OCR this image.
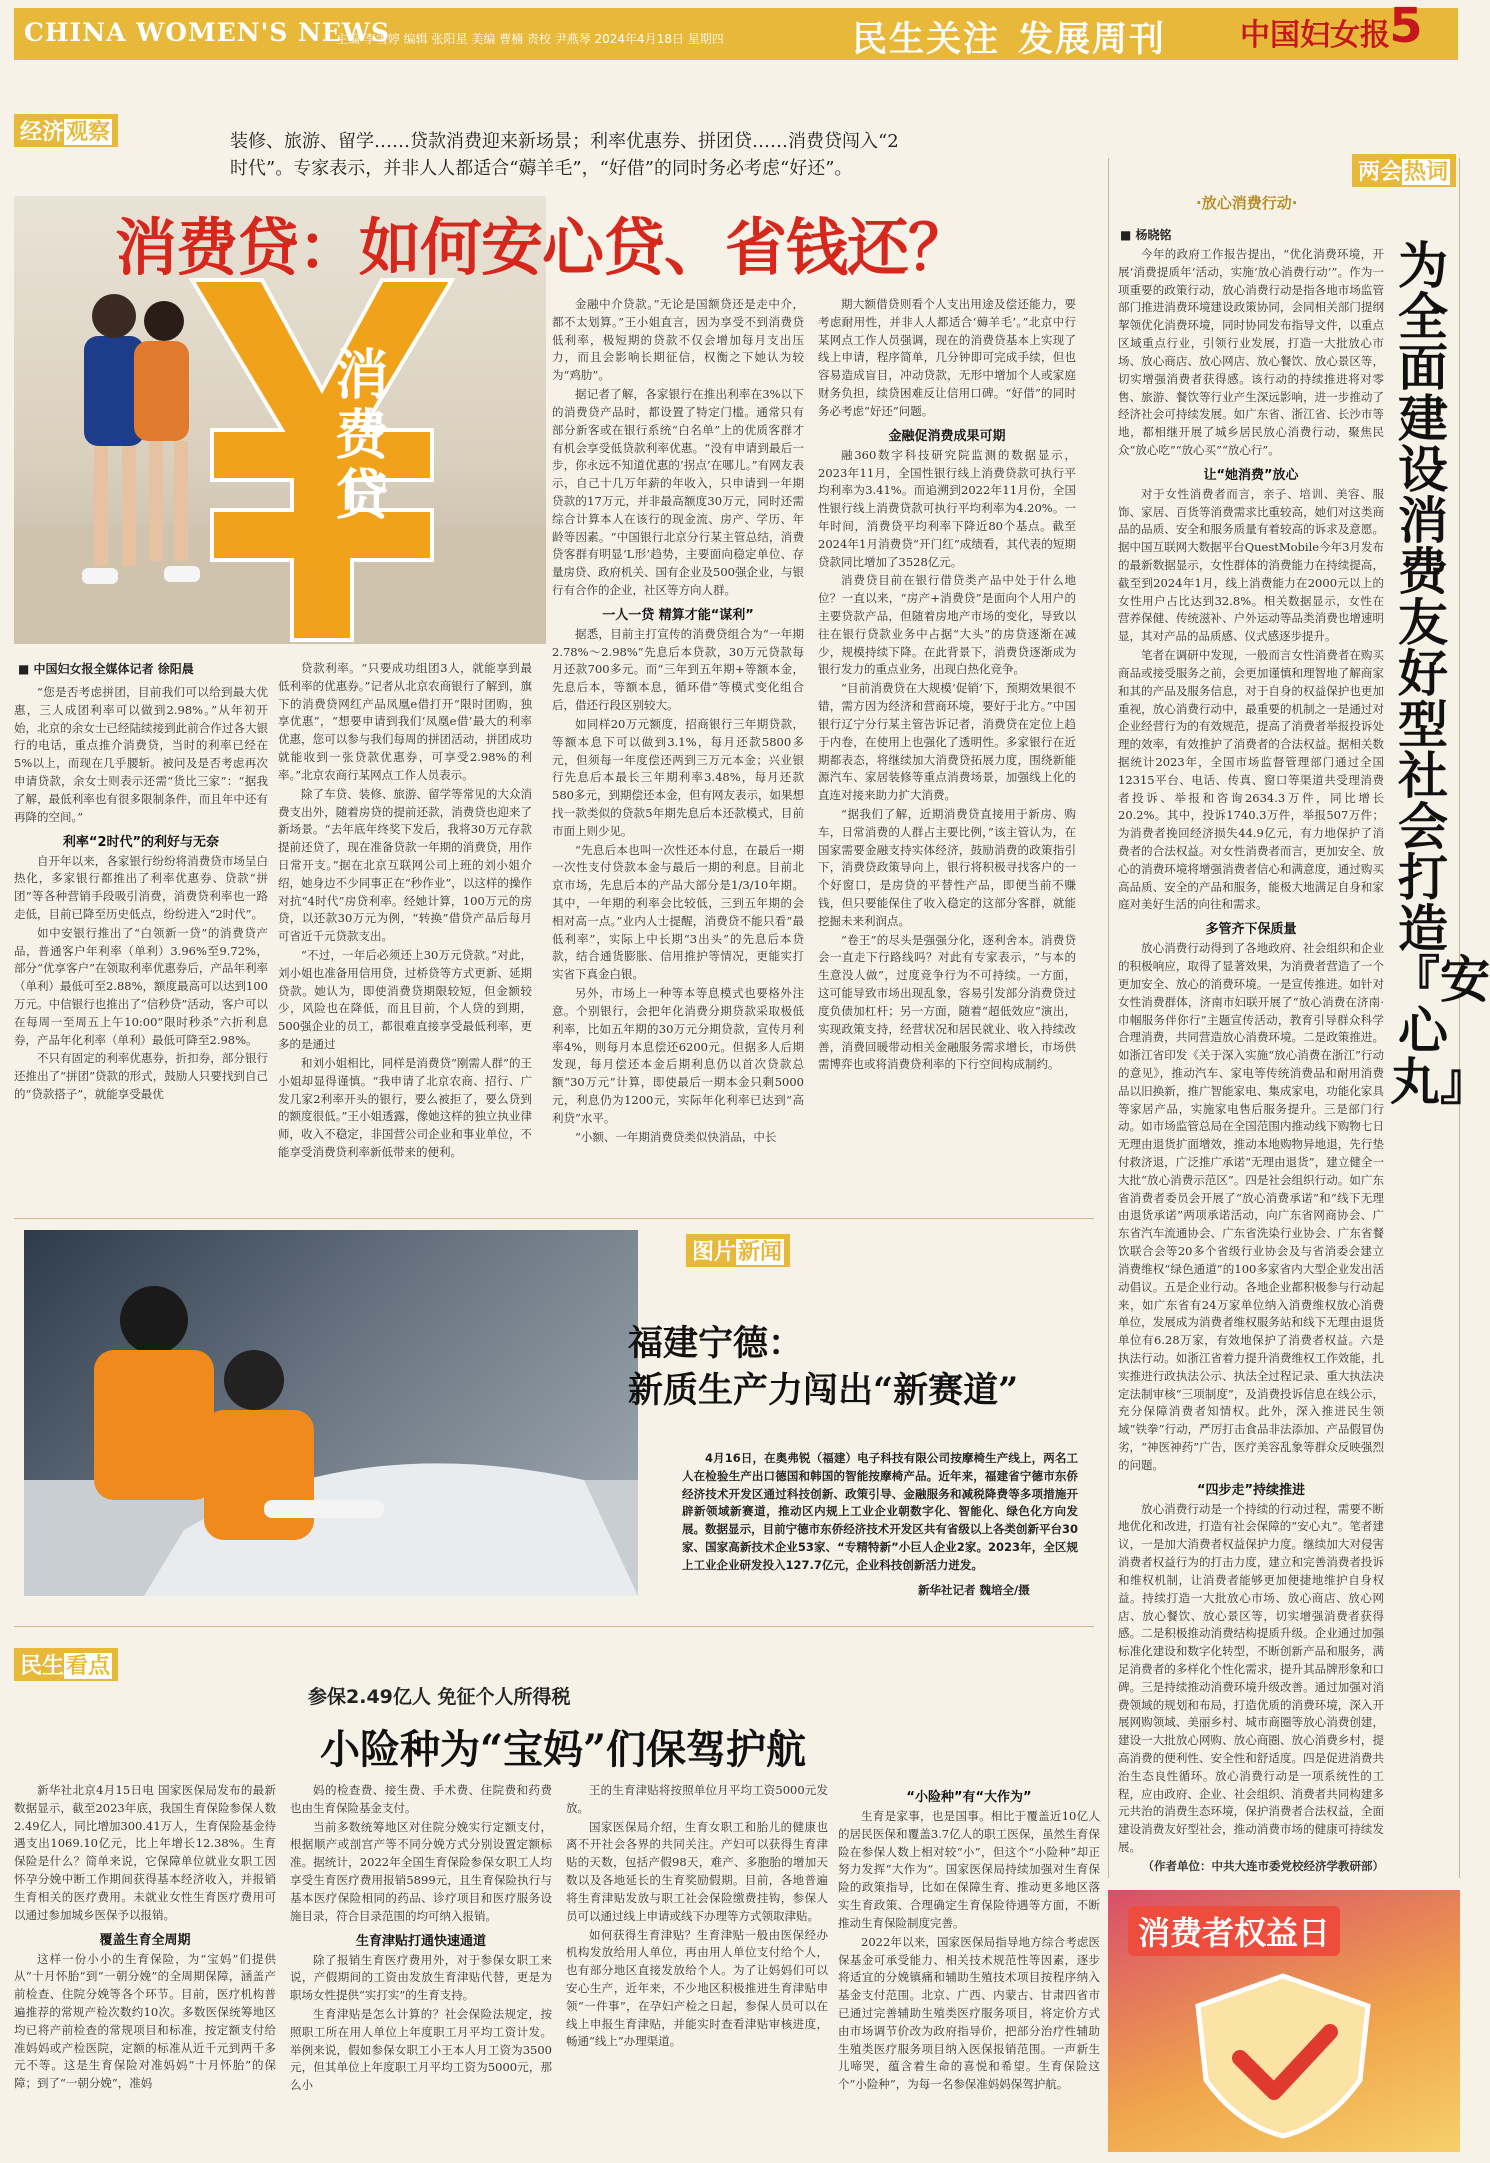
CHINA WOMEN'S NEWS
主编 李雪婷 编辑 张阳星 美编 曹楠 责校 尹燕琴 2024年4月18日 星期四	民生关注 发展周刊 中国妇女报 5
经济观察	装修、旅游、留学……贷款消费迎来新场景；利率优惠券、拼团贷……消费贷闯入“2时代”。专家表示，并非人人都适合“薅羊毛”，“好借”的同时务必考虑“好还”。
消费贷
消费贷：如何安心贷、省钱还？
■ 中国妇女报全媒体记者 徐阳晨

“您是否考虑拼团，目前我们可以给到最大优惠，三人成团利率可以做到2.98%。”从年初开始，北京的余女士已经陆续接到此前合作过各大银行的电话，重点推介消费贷，当时的利率已经在5%以上，而现在几乎腰斩。被问及是否考虑再次申请贷款，余女士则表示还需“货比三家”：“据我了解，最低利率也有很多限制条件，而且年中还有再降的空间。”

利率“2时代”的利好与无奈

自开年以来，各家银行纷纷将消费贷市场呈白热化，多家银行都推出了利率优惠券、贷款“拼团”等各种营销手段吸引消费，消费贷利率也一路走低，目前已降至历史低点，纷纷进入“2时代”。

如中安银行推出了“白领新一贷”的消费贷产品，普通客户年利率（单利）3.96%至9.72%，部分“优享客户”在领取利率优惠券后，产品年利率（单利）最低可至2.88%，额度最高可以达到100万元。中信银行也推出了“信秒贷”活动，客户可以在每周一至周五上午10:00“限时秒杀”六折利息券，产品年化利率（单利）最低可降至2.98%。

不只有固定的利率优惠券，折扣券，部分银行还推出了“拼团”贷款的形式，鼓励人只要找到自己的“贷款搭子”，就能享受最优

贷款利率。“只要成功组团3人，就能享到最低利率的优惠券。”记者从北京农商银行了解到，旗下的消费贷网红产品凤凰e借打开“限时团购，独享优惠”，“想要申请到我们‘凤凰e借’最大的利率优惠，您可以参与我们每周的拼团活动，拼团成功就能收到一张贷款优惠券，可享受2.98%的利率。”北京农商行某网点工作人员表示。

除了车贷、装修、旅游、留学等常见的大众消费支出外，随着房贷的提前还款，消费贷也迎来了新场景。“去年底年终奖下发后，我将30万元存款提前还贷了，现在准备贷款一年期的消费贷，用作日常开支。”据在北京互联网公司上班的刘小姐介绍，她身边不少同事正在“秒作业”，以这样的操作对抗“4时代”房贷利率。经她计算，100万元的房贷，以还款30万元为例，“转换”借贷产品后每月可省近千元贷款支出。

“不过，一年后必须还上30万元贷款。”对此，刘小姐也准备用信用贷，过桥贷等方式更新、延期贷款。她认为，即使消费贷期限较短，但金额较少，风险也在降低，而且目前，个人贷的到期，500强企业的员工，都很难直接享受最低利率，更多的是通过

和刘小姐相比，同样是消费贷“刚需人群”的王小姐却显得谨慎。“我申请了北京农商、招行、广发几家2利率开头的银行，要么被拒了，要么贷到的额度很低。”王小姐透露，像她这样的独立执业律师，收入不稳定，非国营公司企业和事业单位，不能享受消费贷利率新低带来的便利。

金融中介贷款。”无论是国额贷还是走中介，都不太划算。”王小姐直言，因为享受不到消费贷低利率，极短期的贷款不仅会增加每月支出压力，而且会影响长期征信，权衡之下她认为较为“鸡肋”。

据记者了解，各家银行在推出利率在3%以下的消费贷产品时，都设置了特定门槛。通常只有部分新客或在银行系统“白名单”上的优质客群才有机会享受低贷款利率优惠。“没有申请到最后一步，你永远不知道优惠的‘拐点’在哪儿。”有网友表示，自己十几万年薪的年收入，只申请到一年期贷款的17万元，并非最高额度30万元，同时还需综合计算本人在该行的现金流、房产、学历、年龄等因素。“中国银行北京分行某主管总结，消费贷客群有明显‘L形’趋势，主要面向稳定单位、存量房贷、政府机关、国有企业及500强企业，与银行有合作的企业，社区等方向人群。

一人一贷 精算才能“谋利”

据悉，目前主打宣传的消费贷组合为“一年期2.78%～2.98%”先息后本贷款，30万元贷款每月还款700多元。而“三年到五年期+等额本金，先息后本，等额本息，循环借”等模式变化组合后，借还行段区别较大。

如同样20万元额度，招商银行三年期贷款，等额本息下可以做到3.1%，每月还款5800多元，但须每一年度偿还两到三万元本金；兴业银行先息后本最长三年期利率3.48%，每月还款580多元，到期偿还本金，但有网友表示，如果想找一款类似的贷款5年期先息后本还款模式，目前市面上则少见。

“先息后本也叫一次性还本付息，在最后一期一次性支付贷款本金与最后一期的利息。目前北京市场，先息后本的产品大部分是1/3/10年期。其中，一年期的利率会比较低，三到五年期的会相对高一点。”业内人士提醒，消费贷不能只看“最低利率”，实际上中长期“3出头”的先息后本贷款，结合通货膨胀、信用推护等情况，更能实打实省下真金白银。

另外，市场上一种等本等息模式也要格外注意。个别银行，会把年化消费分期贷款采取极低利率，比如五年期的30万元分期贷款，宣传月利率4%，则每月本息偿还6200元。但据多人后期发现，每月偿还本金后期利息仍以首次贷款总额“30万元”计算，即使最后一期本金只剩5000元，利息仍为1200元，实际年化利率已达到“高利贷”水平。

“小额、一年期消费贷类似快消品，中长

期大额借贷则看个人支出用途及偿还能力，要考虑耐用性，并非人人都适合‘薅羊毛’。”北京中行某网点工作人员强调，现在的消费贷基本上实现了线上申请，程序简单，几分钟即可完成手续，但也容易造成盲目，冲动贷款，无形中增加个人或家庭财务负担，续贷困难反让信用口碑。“好借”的同时务必考虑“好还”问题。

金融促消费成果可期

融360数字科技研究院监测的数据显示，2023年11月，全国性银行线上消费贷款可执行平均利率为3.41%。而追溯到2022年11月份，全国性银行线上消费贷款可执行平均利率为4.20%。一年时间，消费贷平均利率下降近80个基点。截至2024年1月消费贷“开门红”成绩看，其代表的短期贷款同比增加了3528亿元。

消费贷目前在银行借贷类产品中处于什么地位？一直以来，“房产+消费贷”是面向个人用户的主要贷款产品，但随着房地产市场的变化，导致以往在银行贷款业务中占据“大头”的房贷逐渐在减少，规模持续下降。在此背景下，消费贷逐渐成为银行发力的重点业务，出现白热化竞争。

“目前消费贷在大规模‘促销’下，预期效果很不错，需方因为经济和营商环境，要好于北方。”中国银行辽宁分行某主管告诉记者，消费贷在定位上趋于内卷，在使用上也强化了透明性。多家银行在近期都表态，将继续加大消费贷拓展力度，围绕新能源汽车、家居装修等重点消费场景，加强线上化的直连对接来助力扩大消费。

“据我们了解，近期消费贷直接用于新房、购车，日常消费的人群占主要比例，”该主管认为，在国家需要金融支持实体经济，鼓励消费的政策指引下，消费贷政策导向上，银行将积极寻找客户的一个好窗口，是房贷的平替性产品，即便当前不赚钱，但只要能保住了收入稳定的这部分客群，就能挖掘未来利润点。

“卷王”的尽头是强强分化，逐利舍本。消费贷会一直走下行路线吗？对此有专家表示，“与本的生意没人做”，过度竞争行为不可持续。一方面，这可能导致市场出现乱象，容易引发部分消费贷过度负债加杠杆；另一方面，随着“超低效应”演出，实现政策支持，经营状况和居民就业、收入持续改善，消费回暖带动相关金融服务需求增长，市场供需博弈也或将消费贷利率的下行空间构成制约。

两会热词
·放心消费行动·
■ 杨晓铭
为全面建设消费友好型社会打造『安心丸』

今年的政府工作报告提出，“优化消费环境，开展‘消费提质年’活动，实施‘放心消费行动’”。作为一项重要的政策行动，放心消费行动是指各地市场监管部门推进消费环境建设政策协同，会同相关部门提纲挈领优化消费环境，同时协同发布指导文件，以重点区域重点行业，引领行业发展，打造一大批放心市场、放心商店、放心网店、放心餐饮、放心景区等，切实增强消费者获得感。该行动的持续推进将对零售、旅游、餐饮等行业产生深远影响，进一步推动了经济社会可持续发展。如广东省、浙江省、长沙市等地，都相继开展了城乡居民放心消费行动，聚焦民众“放心吃”“放心买”“放心行”。

让“她消费”放心

对于女性消费者而言，亲子、培训、美容、服饰、家居、百货等消费需求比重较高，她们对这类商品的品质、安全和服务质量有着较高的诉求及意愿。据中国互联网大数据平台QuestMobile今年3月发布的最新数据显示，女性群体的消费能力在持续提高，截至到2024年1月，线上消费能力在2000元以上的女性用户占比达到32.8%。相关数据显示，女性在营养保健、传统滋补、户外运动等品类消费也增速明显，其对产品的品质感、仪式感逐步提升。

笔者在调研中发现，一般而言女性消费者在购买商品或接受服务之前，会更加谨慎和理智地了解商家和其的产品及服务信息，对于自身的权益保护也更加重视，放心消费行动中，最重要的机制之一是通过对企业经营行为的有效规范，提高了消费者举报投诉处理的效率，有效推护了消费者的合法权益。据相关数据统计2023年，全国市场监督管理部门通过全国12315平台、电话、传真、窗口等渠道共受理消费者投诉、举报和咨询2634.3万件，同比增长20.2%。其中，投诉1740.3万件，举报507万件；为消费者挽回经济损失44.9亿元，有力地保护了消费者的合法权益。对女性消费者而言，更加安全、放心的消费环境将增强消费者信心和满意度，通过购买高品质、安全的产品和服务，能极大地满足自身和家庭对美好生活的向往和需求。

多管齐下保质量

放心消费行动得到了各地政府、社会组织和企业的积极响应，取得了显著效果，为消费者营造了一个更加安全、放心的消费环境。一是宣传推进。如针对女性消费群体，济南市妇联开展了“放心消费在济南·巾帼服务伴你行”主题宣传活动，教育引导群众科学合理消费，共同营造放心消费环境。二是政策推进。如浙江省印发《关于深入实施“放心消费在浙江”行动的意见》，推动汽车、家电等传统消费品和耐用消费品以旧换新，推广智能家电、集成家电，功能化家具等家居产品，实施家电售后服务提升。三是部门行动。如市场监管总局在全国范围内推动线下购物七日无理由退货扩面增效，推动本地购物异地退，先行垫付救济退，广泛推广承诺“无理由退货”，建立健全一大批“放心消费示范区”。四是社会组织行动。如广东省消费者委员会开展了“放心消费承诺”和“线下无理由退货承诺”两项承诺活动，向广东省网商协会、广东省汽车流通协会、广东省洗染行业协会、广东省餐饮联合会等20多个省级行业协会及与省消委会建立消费维权“绿色通道”的100多家省内大型企业发出活动倡议。五是企业行动。各地企业都积极参与行动起来，如广东省有24万家单位纳入消费维权放心消费单位，发展成为消费者维权服务站和线下无理由退货单位有6.28万家，有效地保护了消费者权益。六是执法行动。如浙江省着力提升消费维权工作效能，扎实推进行政执法公示、执法全过程记录、重大执法决定法制审核“三项制度”，及消费投诉信息在线公示，充分保障消费者知情权。此外，深入推进民生领域“铁拳”行动，严厉打击食品非法添加、产品假冒伪劣，“神医神药”广告，医疗美容乱象等群众反映强烈的问题。

“四步走”持续推进

放心消费行动是一个持续的行动过程，需要不断地优化和改进，打造有社会保障的“安心丸”。笔者建议，一是加大消费者权益保护力度。继续加大对侵害消费者权益行为的打击力度，建立和完善消费者投诉和维权机制，让消费者能够更加便捷地维护自身权益。持续打造一大批放心市场、放心商店、放心网店、放心餐饮、放心景区等，切实增强消费者获得感。二是积极推动消费结构提质升级。企业通过加强标准化建设和数字化转型，不断创新产品和服务，满足消费者的多样化个性化需求，提升其品牌形象和口碑。三是持续推动消费环境升级改善。通过加强对消费领域的规划和布局，打造优质的消费环境，深入开展网购领域、美丽乡村、城市商圈等放心消费创建，建设一大批放心网购、放心商圈、放心消费乡村，提高消费的便利性、安全性和舒适度。四是促进消费共治生态良性循环。放心消费行动是一项系统性的工程，应由政府、企业、社会组织、消费者共同构建多元共治的消费生态环境，保护消费者合法权益，全面建设消费友好型社会，推动消费市场的健康可持续发展。

（作者单位：中共大连市委党校经济学教研部）

消费者权益日
图片新闻
福建宁德：
新质生产力闯出“新赛道”
4月16日，在奥弗锐（福建）电子科技有限公司按摩椅生产线上，两名工人在检验生产出口德国和韩国的智能按摩椅产品。近年来，福建省宁德市东侨经济技术开发区通过科技创新、政策引导、金融服务和减税降费等多项措施开辟新领域新赛道，推动区内规上工业企业朝数字化、智能化、绿色化方向发展。数据显示，目前宁德市东侨经济技术开发区共有省级以上各类创新平台30家、国家高新技术企业53家、“专精特新”小巨人企业2家。2023年，全区规上工业企业研发投入127.7亿元，企业科技创新活力迸发。
新华社记者 魏培全/摄
民生看点
参保2.49亿人 免征个人所得税
小险种为“宝妈”们保驾护航

新华社北京4月15日电 国家医保局发布的最新数据显示，截至2023年底，我国生育保险参保人数2.49亿人，同比增加300.41万人，生育保险基金待遇支出1069.10亿元，比上年增长12.38%。生育保险是什么？简单来说，它保障单位就业女职工因怀孕分娩中断工作期间获得基本经济收入，并报销生育相关的医疗费用。未就业女性生育医疗费用可以通过参加城乡医保予以报销。

覆盖生育全周期

这样一份小小的生育保险，为“宝妈”们提供从“十月怀胎”到“一朝分娩”的全周期保障，涵盖产前检查、住院分娩等各个环节。目前，医疗机构普遍推荐的常规产检次数约10次。多数医保统筹地区均已将产前检查的常规项目和标准，按定额支付给准妈妈或产检医院，定额的标准从近千元到两千多元不等。这是生育保险对准妈妈“十月怀胎”的保障；到了“一朝分娩”，准妈

妈的检查费、接生费、手术费、住院费和药费也由生育保险基金支付。

当前多数统筹地区对住院分娩实行定额支付，根据顺产或剖宫产等不同分娩方式分别设置定额标准。据统计，2022年全国生育保险参保女职工人均享受生育医疗费用报销5899元，且生育保险执行与基本医疗保险相同的药品、诊疗项目和医疗服务设施目录，符合目录范围的均可纳入报销。

生育津贴打通快速通道

除了报销生育医疗费用外，对于参保女职工来说，产假期间的工资由发放生育津贴代替，更是为职场女性提供“实打实”的生育支持。

生育津贴是怎么计算的？社会保险法规定，按照职工所在用人单位上年度职工月平均工资计发。举例来说，假如参保女职工小王本人月工资为3500元，但其单位上年度职工月平均工资为5000元，那么小

王的生育津贴将按照单位月平均工资5000元发放。

国家医保局介绍，生育女职工和胎儿的健康也离不开社会各界的共同关注。产妇可以获得生育津贴的天数，包括产假98天，难产、多胞胎的增加天数以及各地延长的生育奖励假期。目前，各地普遍将生育津贴发放与职工社会保险缴费挂钩，参保人员可以通过线上申请或线下办理等方式领取津贴。

如何获得生育津贴？生育津贴一般由医保经办机构发放给用人单位，再由用人单位支付给个人，也有部分地区直接发放给个人。为了让妈妈们可以安心生产，近年来，不少地区积极推进生育津贴申领“一件事”，在孕妇产检之日起，参保人员可以在线上申报生育津贴，并能实时查看津贴审核进度，畅通“线上”办理渠道。

“小险种”有“大作为”

生育是家事，也是国事。相比于覆盖近10亿人的居民医保和覆盖3.7亿人的职工医保，虽然生育保险在参保人数上相对较“小”，但这个“小险种”却正努力发挥“大作为”。国家医保局持续加强对生育保险的政策指导，比如在保障生育、推动更多地区落实生育政策、合理确定生育保险待遇等方面，不断推动生育保险制度完善。

2022年以来，国家医保局指导地方综合考虑医保基金可承受能力、相关技术规范性等因素，逐步将适宜的分娩镇痛和辅助生殖技术项目按程序纳入基金支付范围。北京、广西、内蒙古、甘肃四省市已通过完善辅助生殖类医疗服务项目，将定价方式由市场调节价改为政府指导价，把部分治疗性辅助生殖类医疗服务项目纳入医保报销范围。一声新生儿啼哭，蕴含着生命的喜悦和希望。生育保险这个“小险种”，为每一名参保准妈妈保驾护航。
